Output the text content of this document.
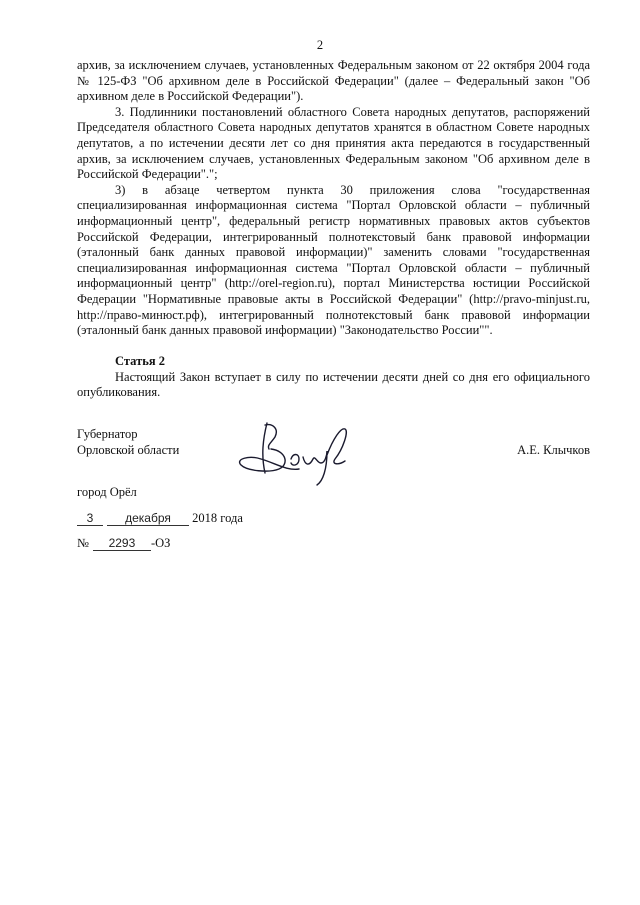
2

архив, за исключением случаев, установленных Федеральным законом от 22 октября 2004 года № 125-ФЗ "Об архивном деле в Российской Федерации" (далее – Федеральный закон "Об архивном деле в Российской Федерации").

3. Подлинники постановлений областного Совета народных депутатов, распоряжений Председателя областного Совета народных депутатов хранятся в областном Совете народных депутатов, а по истечении десяти лет со дня принятия акта передаются в государственный архив, за исключением случаев, установленных Федеральным законом "Об архивном деле в Российской Федерации".";

3) в абзаце четвертом пункта 30 приложения слова "государственная специализированная информационная система "Портал Орловской области – публичный информационный центр", федеральный регистр нормативных правовых актов субъектов Российской Федерации, интегрированный полнотекстовый банк правовой информации (эталонный банк данных правовой информации)" заменить словами "государственная специализированная информационная система "Портал Орловской области – публичный информационный центр" (http://orel-region.ru), портал Министерства юстиции Российской Федерации "Нормативные правовые акты в Российской Федерации" (http://pravo-minjust.ru, http://право-минюст.рф), интегрированный полнотекстовый банк правовой информации (эталонный банк данных правовой информации) "Законодательство России"".

Статья 2

Настоящий Закон вступает в силу по истечении десяти дней со дня его официального опубликования.

Губернатор
Орловской области	А.Е. Клычков
город Орёл
3	декабря 2018 года
№ 2293 -ОЗ
